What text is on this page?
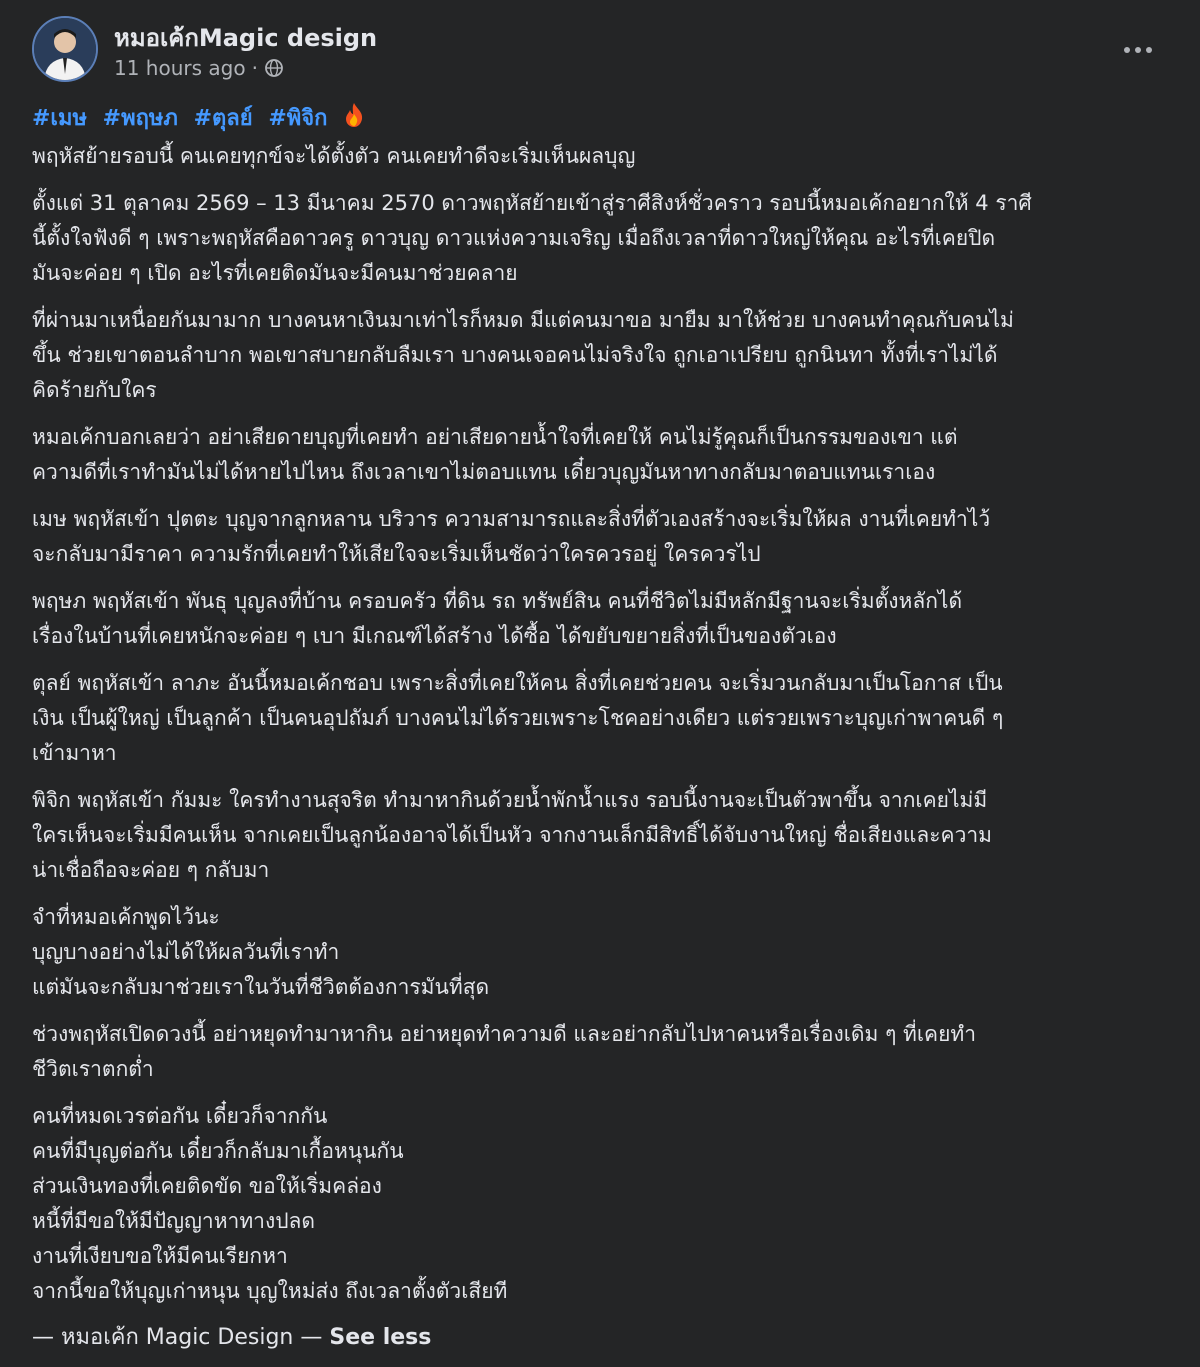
หมอเค้กMagic design
11 hours ago ·
#เมษ #พฤษภ #ตุลย์ #พิจิก
พฤหัสย้ายรอบนี้ คนเคยทุกข์จะได้ตั้งตัว คนเคยทำดีจะเริ่มเห็นผลบุญ
ตั้งแต่ 31 ตุลาคม 2569 – 13 มีนาคม 2570 ดาวพฤหัสย้ายเข้าสู่ราศีสิงห์ชั่วคราว รอบนี้หมอเค้กอยากให้ 4 ราศี
นี้ตั้งใจฟังดี ๆ เพราะพฤหัสคือดาวครู ดาวบุญ ดาวแห่งความเจริญ เมื่อถึงเวลาที่ดาวใหญ่ให้คุณ อะไรที่เคยปิด
มันจะค่อย ๆ เปิด อะไรที่เคยติดมันจะมีคนมาช่วยคลาย
ที่ผ่านมาเหนื่อยกันมามาก บางคนหาเงินมาเท่าไรก็หมด มีแต่คนมาขอ มายืม มาให้ช่วย บางคนทำคุณกับคนไม่
ขึ้น ช่วยเขาตอนลำบาก พอเขาสบายกลับลืมเรา บางคนเจอคนไม่จริงใจ ถูกเอาเปรียบ ถูกนินทา ทั้งที่เราไม่ได้
คิดร้ายกับใคร
หมอเค้กบอกเลยว่า อย่าเสียดายบุญที่เคยทำ อย่าเสียดายน้ำใจที่เคยให้ คนไม่รู้คุณก็เป็นกรรมของเขา แต่
ความดีที่เราทำมันไม่ได้หายไปไหน ถึงเวลาเขาไม่ตอบแทน เดี๋ยวบุญมันหาทางกลับมาตอบแทนเราเอง
เมษ พฤหัสเข้า ปุตตะ บุญจากลูกหลาน บริวาร ความสามารถและสิ่งที่ตัวเองสร้างจะเริ่มให้ผล งานที่เคยทำไว้
จะกลับมามีราคา ความรักที่เคยทำให้เสียใจจะเริ่มเห็นชัดว่าใครควรอยู่ ใครควรไป
พฤษภ พฤหัสเข้า พันธุ บุญลงที่บ้าน ครอบครัว ที่ดิน รถ ทรัพย์สิน คนที่ชีวิตไม่มีหลักมีฐานจะเริ่มตั้งหลักได้
เรื่องในบ้านที่เคยหนักจะค่อย ๆ เบา มีเกณฑ์ได้สร้าง ได้ซื้อ ได้ขยับขยายสิ่งที่เป็นของตัวเอง
ตุลย์ พฤหัสเข้า ลาภะ อันนี้หมอเค้กชอบ เพราะสิ่งที่เคยให้คน สิ่งที่เคยช่วยคน จะเริ่มวนกลับมาเป็นโอกาส เป็น
เงิน เป็นผู้ใหญ่ เป็นลูกค้า เป็นคนอุปถัมภ์ บางคนไม่ได้รวยเพราะโชคอย่างเดียว แต่รวยเพราะบุญเก่าพาคนดี ๆ
เข้ามาหา
พิจิก พฤหัสเข้า กัมมะ ใครทำงานสุจริต ทำมาหากินด้วยน้ำพักน้ำแรง รอบนี้งานจะเป็นตัวพาขึ้น จากเคยไม่มี
ใครเห็นจะเริ่มมีคนเห็น จากเคยเป็นลูกน้องอาจได้เป็นหัว จากงานเล็กมีสิทธิ์ได้จับงานใหญ่ ชื่อเสียงและความ
น่าเชื่อถือจะค่อย ๆ กลับมา
จำที่หมอเค้กพูดไว้นะ
บุญบางอย่างไม่ได้ให้ผลวันที่เราทำ
แต่มันจะกลับมาช่วยเราในวันที่ชีวิตต้องการมันที่สุด
ช่วงพฤหัสเปิดดวงนี้ อย่าหยุดทำมาหากิน อย่าหยุดทำความดี และอย่ากลับไปหาคนหรือเรื่องเดิม ๆ ที่เคยทำ
ชีวิตเราตกต่ำ
คนที่หมดเวรต่อกัน เดี๋ยวก็จากกัน
คนที่มีบุญต่อกัน เดี๋ยวก็กลับมาเกื้อหนุนกัน
ส่วนเงินทองที่เคยติดขัด ขอให้เริ่มคล่อง
หนี้ที่มีขอให้มีปัญญาหาทางปลด
งานที่เงียบขอให้มีคนเรียกหา
จากนี้ขอให้บุญเก่าหนุน บุญใหม่ส่ง ถึงเวลาตั้งตัวเสียที
— หมอเค้ก Magic Design — See less
